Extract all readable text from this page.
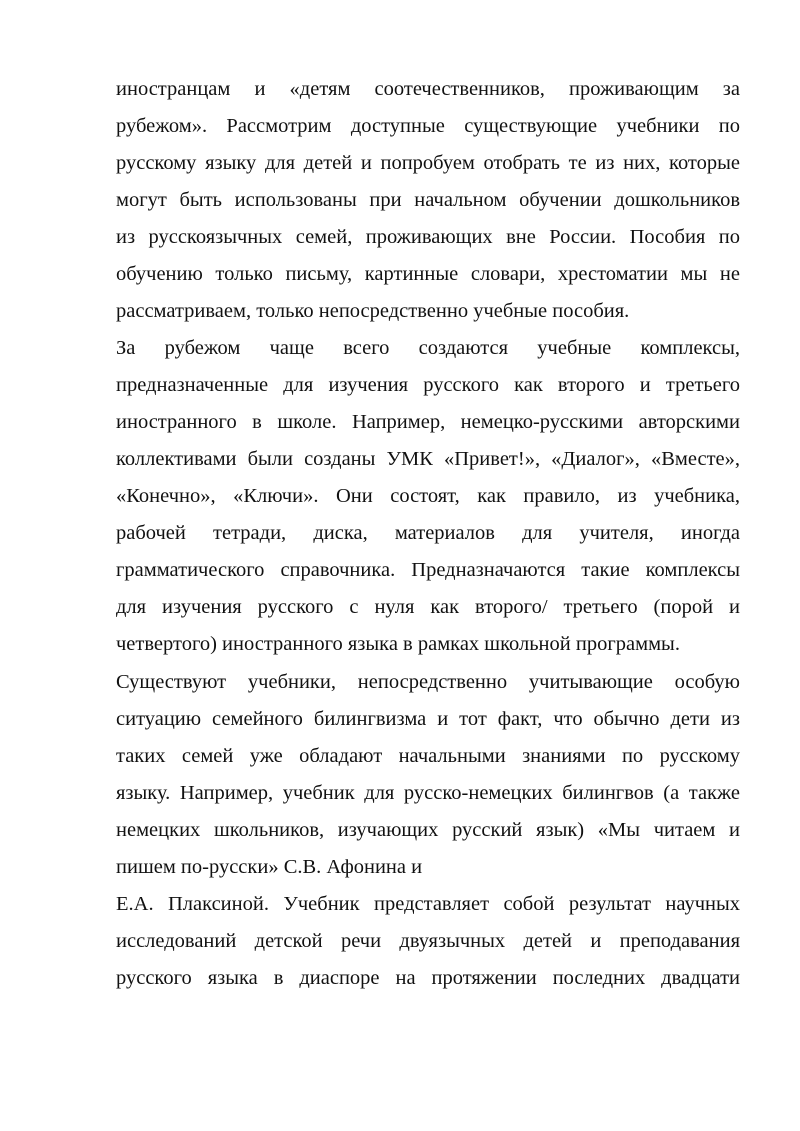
иностранцам и «детям соотечественников, проживающим за
рубежом». Рассмотрим доступные существующие учебники по
русскому языку для детей и попробуем отобрать те из них, которые
могут быть использованы при начальном обучении дошкольников
из русскоязычных семей, проживающих вне России. Пособия по
обучению только письму, картинные словари, хрестоматии мы не
рассматриваем, только непосредственно учебные пособия.
За рубежом чаще всего создаются учебные комплексы,
предназначенные для изучения русского как второго и третьего
иностранного в школе. Например, немецко-русскими авторскими
коллективами были созданы УМК «Привет!», «Диалог», «Вместе»,
«Конечно», «Ключи». Они состоят, как правило, из учебника,
рабочей тетради, диска, материалов для учителя, иногда
грамматического справочника. Предназначаются такие комплексы
для изучения русского с нуля как второго/ третьего (порой и
четвертого) иностранного языка в рамках школьной программы.
Существуют учебники, непосредственно учитывающие особую
ситуацию семейного билингвизма и тот факт, что обычно дети из
таких семей уже обладают начальными знаниями по русскому
языку. Например, учебник для русско-немецких билингвов (а также
немецких школьников, изучающих русский язык) «Мы читаем и
пишем по-русски» С.В. Афонина и
Е.А. Плаксиной. Учебник представляет собой результат научных
исследований детской речи двуязычных детей и преподавания
русского языка в диаспоре на протяжении последних двадцати
